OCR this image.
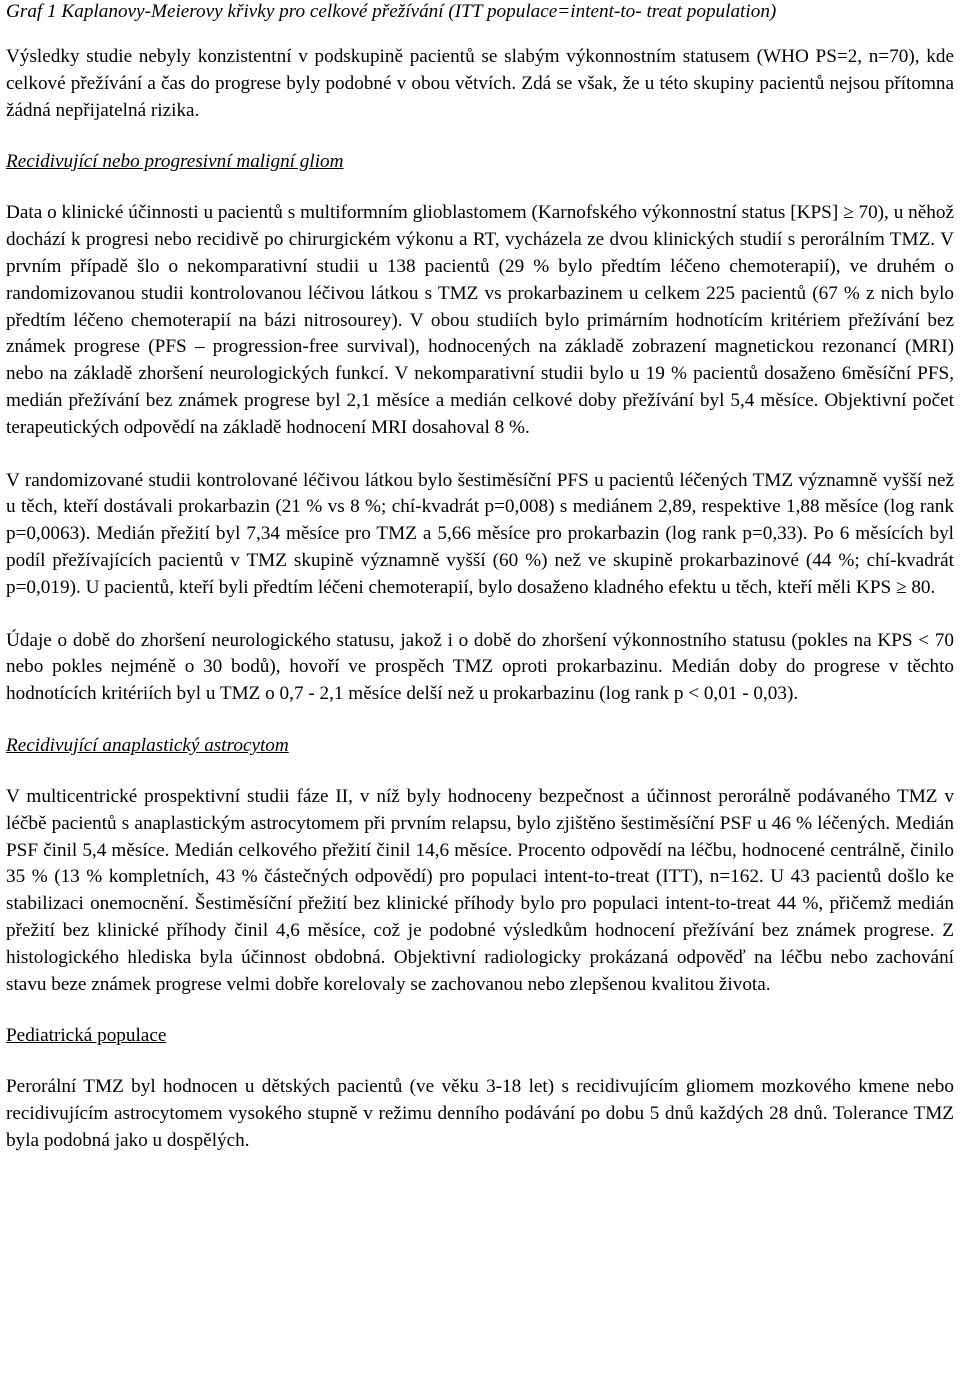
Graf 1 Kaplanovy-Meierovy křivky pro celkové přežívání (ITT populace=intent-to- treat population)

Výsledky studie nebyly konzistentní v podskupině pacientů se slabým výkonnostním statusem (WHO PS=2, n=70), kde celkové přežívání a čas do progrese byly podobné v obou větvích. Zdá se však, že u této skupiny pacientů nejsou přítomna žádná nepřijatelná rizika.

Recidivující nebo progresivní maligní gliom

Data o klinické účinnosti u pacientů s multiformním glioblastomem (Karnofského výkonnostní status [KPS] ≥ 70), u něhož dochází k progresi nebo recidivě po chirurgickém výkonu a RT, vycházela ze dvou klinických studií s perorálním TMZ. V prvním případě šlo o nekomparativní studii u 138 pacientů (29 % bylo předtím léčeno chemoterapií), ve druhém o randomizovanou studii kontrolovanou léčivou látkou s TMZ vs prokarbazinem u celkem 225 pacientů (67 % z nich bylo předtím léčeno chemoterapií na bázi nitrosourey). V obou studiích bylo primárním hodnotícím kritériem přežívání bez známek progrese (PFS – progression-free survival), hodnocených na základě zobrazení magnetickou rezonancí (MRI) nebo na základě zhoršení neurologických funkcí. V nekomparativní studii bylo u 19 % pacientů dosaženo 6měsíční PFS, medián přežívání bez známek progrese byl 2,1 měsíce a medián celkové doby přežívání byl 5,4 měsíce. Objektivní počet terapeutických odpovědí na základě hodnocení MRI dosahoval 8 %.

V randomizované studii kontrolované léčivou látkou bylo šestiměsíční PFS u pacientů léčených TMZ významně vyšší než u těch, kteří dostávali prokarbazin (21 % vs 8 %; chí-kvadrát p=0,008) s mediánem 2,89, respektive 1,88 měsíce (log rank p=0,0063). Medián přežití byl 7,34 měsíce pro TMZ a 5,66 měsíce pro prokarbazin (log rank p=0,33). Po 6 měsících byl podíl přežívajících pacientů v TMZ skupině významně vyšší (60 %) než ve skupině prokarbazinové (44 %; chí-kvadrát p=0,019). U pacientů, kteří byli předtím léčeni chemoterapií, bylo dosaženo kladného efektu u těch, kteří měli KPS ≥ 80.

Údaje o době do zhoršení neurologického statusu, jakož i o době do zhoršení výkonnostního statusu (pokles na KPS < 70 nebo pokles nejméně o 30 bodů), hovoří ve prospěch TMZ oproti prokarbazinu. Medián doby do progrese v těchto hodnotících kritériích byl u TMZ o 0,7 - 2,1 měsíce delší než u prokarbazinu (log rank p < 0,01 - 0,03).

Recidivující anaplastický astrocytom

V multicentrické prospektivní studii fáze II, v níž byly hodnoceny bezpečnost a účinnost perorálně podávaného TMZ v léčbě pacientů s anaplastickým astrocytomem při prvním relapsu, bylo zjištěno šestiměsíční PSF u 46 % léčených. Medián PSF činil 5,4 měsíce. Medián celkového přežití činil 14,6 měsíce. Procento odpovědí na léčbu, hodnocené centrálně, činilo 35 % (13 % kompletních, 43 % částečných odpovědí) pro populaci intent-to-treat (ITT), n=162. U 43 pacientů došlo ke stabilizaci onemocnění. Šestiměsíční přežití bez klinické příhody bylo pro populaci intent-to-treat 44 %, přičemž medián přežití bez klinické příhody činil 4,6 měsíce, což je podobné výsledkům hodnocení přežívání bez známek progrese. Z histologického hlediska byla účinnost obdobná. Objektivní radiologicky prokázaná odpověď na léčbu nebo zachování stavu beze známek progrese velmi dobře korelovaly se zachovanou nebo zlepšenou kvalitou života.

Pediatrická populace

Perorální TMZ byl hodnocen u dětských pacientů (ve věku 3-18 let) s recidivujícím gliomem mozkového kmene nebo recidivujícím astrocytomem vysokého stupně v režimu denního podávání po dobu 5 dnů každých 28 dnů. Tolerance TMZ byla podobná jako u dospělých.
